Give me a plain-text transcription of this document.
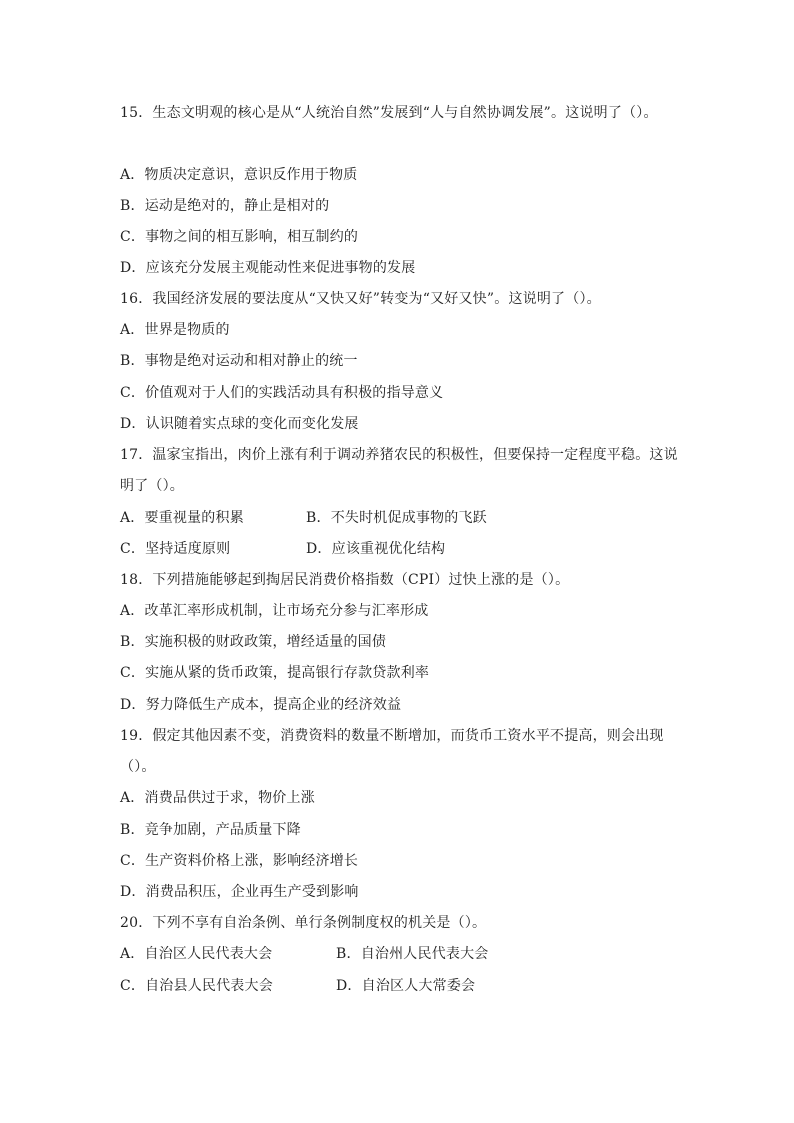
15．生态文明观的核心是从“人统治自然”发展到“人与自然协调发展”。这说明了（）。
A．物质决定意识，意识反作用于物质
B．运动是绝对的，静止是相对的
C．事物之间的相互影响，相互制约的
D．应该充分发展主观能动性来促进事物的发展
16．我国经济发展的要法度从“又快又好”转变为“又好又快”。这说明了（）。
A．世界是物质的
B．事物是绝对运动和相对静止的统一
C．价值观对于人们的实践活动具有积极的指导意义
D．认识随着实点球的变化而变化发展
17．温家宝指出，肉价上涨有利于调动养猪农民的积极性，但要保持一定程度平稳。这说
明了（）。
A．要重视量的积累	B．不失时机促成事物的飞跃
C．坚持适度原则	D．应该重视优化结构
18．下列措施能够起到掏居民消费价格指数（CPI）过快上涨的是（）。
A．改革汇率形成机制，让市场充分参与汇率形成
B．实施积极的财政政策，增经适量的国债
C．实施从紧的货币政策，提高银行存款贷款利率
D．努力降低生产成本，提高企业的经济效益
19．假定其他因素不变，消费资料的数量不断增加，而货币工资水平不提高，则会出现
（）。
A．消费品供过于求，物价上涨
B．竞争加剧，产品质量下降
C．生产资料价格上涨，影响经济增长
D．消费品积压，企业再生产受到影响
20．下列不享有自治条例、单行条例制度权的机关是（）。
A．自治区人民代表大会	B．自治州人民代表大会
C．自治县人民代表大会	D．自治区人大常委会
